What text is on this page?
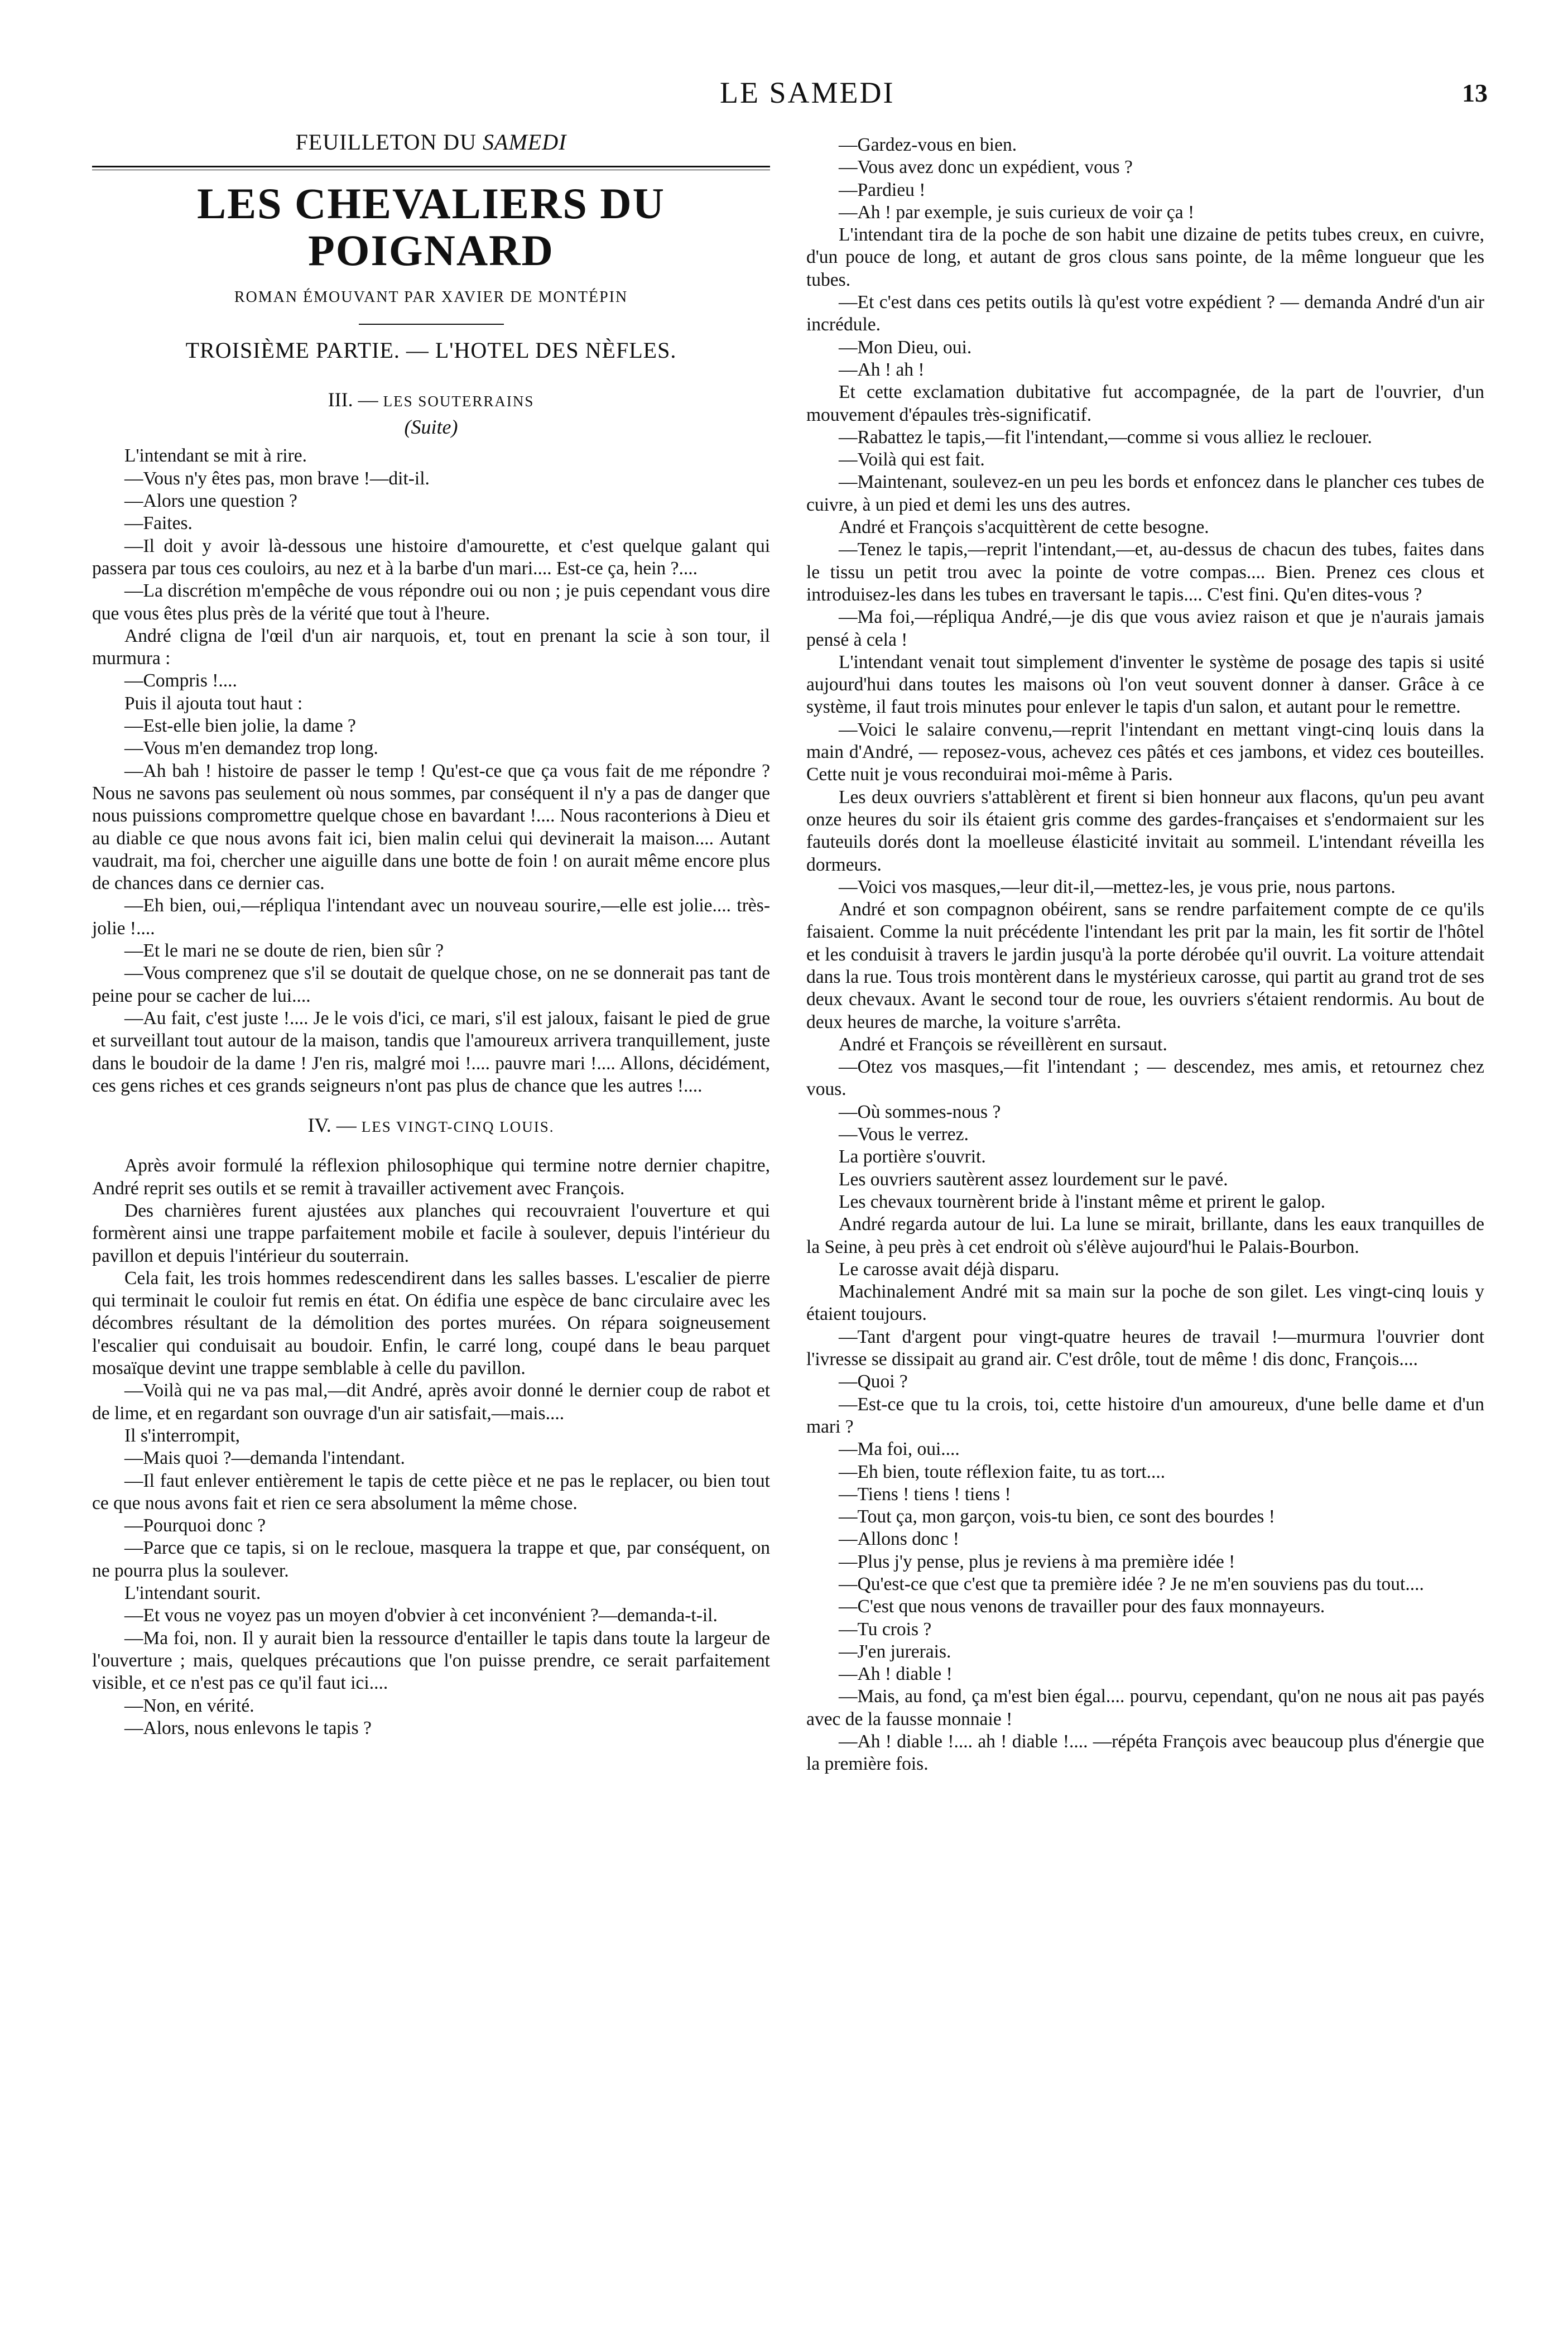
LE SAMEDI	13
FEUILLETON DU SAMEDI
LES CHEVALIERS DU POIGNARD
ROMAN ÉMOUVANT PAR XAVIER DE MONTÉPIN
TROISIÈME PARTIE. — L'HOTEL DES NÈFLES.
III. — LES SOUTERRAINS
(Suite)

L'intendant se mit à rire.

—Vous n'y êtes pas, mon brave !—dit-il.

—Alors une question ?

—Faites.

—Il doit y avoir là-dessous une histoire d'amourette, et c'est quelque galant qui passera par tous ces couloirs, au nez et à la barbe d'un mari.... Est-ce ça, hein ?....

—La discrétion m'empêche de vous répondre oui ou non ; je puis cependant vous dire que vous êtes plus près de la vérité que tout à l'heure.

André cligna de l'œil d'un air narquois, et, tout en prenant la scie à son tour, il murmura :

—Compris !....

Puis il ajouta tout haut :

—Est-elle bien jolie, la dame ?

—Vous m'en demandez trop long.

—Ah bah ! histoire de passer le temp ! Qu'est-ce que ça vous fait de me répondre ? Nous ne savons pas seulement où nous sommes, par conséquent il n'y a pas de danger que nous puissions compromettre quelque chose en bavardant !.... Nous raconterions à Dieu et au diable ce que nous avons fait ici, bien malin celui qui devinerait la maison.... Autant vaudrait, ma foi, chercher une aiguille dans une botte de foin ! on aurait même encore plus de chances dans ce dernier cas.

—Eh bien, oui,—répliqua l'intendant avec un nouveau sourire,—elle est jolie.... très-jolie !....

—Et le mari ne se doute de rien, bien sûr ?

—Vous comprenez que s'il se doutait de quelque chose, on ne se donnerait pas tant de peine pour se cacher de lui....

—Au fait, c'est juste !.... Je le vois d'ici, ce mari, s'il est jaloux, faisant le pied de grue et surveillant tout autour de la maison, tandis que l'amoureux arrivera tranquillement, juste dans le boudoir de la dame ! J'en ris, malgré moi !.... pauvre mari !.... Allons, décidément, ces gens riches et ces grands seigneurs n'ont pas plus de chance que les autres !....

IV. — LES VINGT-CINQ LOUIS.

Après avoir formulé la réflexion philosophique qui termine notre dernier chapitre, André reprit ses outils et se remit à travailler activement avec François.

Des charnières furent ajustées aux planches qui recouvraient l'ouverture et qui formèrent ainsi une trappe parfaitement mobile et facile à soulever, depuis l'intérieur du pavillon et depuis l'intérieur du souterrain.

Cela fait, les trois hommes redescendirent dans les salles basses. L'escalier de pierre qui terminait le couloir fut remis en état. On édifia une espèce de banc circulaire avec les décombres résultant de la démolition des portes murées. On répara soigneusement l'escalier qui conduisait au boudoir. Enfin, le carré long, coupé dans le beau parquet mosaïque devint une trappe semblable à celle du pavillon.

—Voilà qui ne va pas mal,—dit André, après avoir donné le dernier coup de rabot et de lime, et en regardant son ouvrage d'un air satisfait,—mais....

Il s'interrompit,

—Mais quoi ?—demanda l'intendant.

—Il faut enlever entièrement le tapis de cette pièce et ne pas le replacer, ou bien tout ce que nous avons fait et rien ce sera absolument la même chose.

—Pourquoi donc ?

—Parce que ce tapis, si on le recloue, masquera la trappe et que, par conséquent, on ne pourra plus la soulever.

L'intendant sourit.

—Et vous ne voyez pas un moyen d'obvier à cet inconvénient ?—demanda-t-il.

—Ma foi, non. Il y aurait bien la ressource d'entailler le tapis dans toute la largeur de l'ouverture ; mais, quelques précautions que l'on puisse prendre, ce serait parfaitement visible, et ce n'est pas ce qu'il faut ici....

—Non, en vérité.

—Alors, nous enlevons le tapis ?

—Gardez-vous en bien.

—Vous avez donc un expédient, vous ?

—Pardieu !

—Ah ! par exemple, je suis curieux de voir ça !

L'intendant tira de la poche de son habit une dizaine de petits tubes creux, en cuivre, d'un pouce de long, et autant de gros clous sans pointe, de la même longueur que les tubes.

—Et c'est dans ces petits outils là qu'est votre expédient ? — demanda André d'un air incrédule.

—Mon Dieu, oui.

—Ah ! ah !

Et cette exclamation dubitative fut accompagnée, de la part de l'ouvrier, d'un mouvement d'épaules très-significatif.

—Rabattez le tapis,—fit l'intendant,—comme si vous alliez le reclouer.

—Voilà qui est fait.

—Maintenant, soulevez-en un peu les bords et enfoncez dans le plancher ces tubes de cuivre, à un pied et demi les uns des autres.

André et François s'acquittèrent de cette besogne.

—Tenez le tapis,—reprit l'intendant,—et, au-dessus de chacun des tubes, faites dans le tissu un petit trou avec la pointe de votre compas.... Bien. Prenez ces clous et introduisez-les dans les tubes en traversant le tapis.... C'est fini. Qu'en dites-vous ?

—Ma foi,—répliqua André,—je dis que vous aviez raison et que je n'aurais jamais pensé à cela !

L'intendant venait tout simplement d'inventer le système de posage des tapis si usité aujourd'hui dans toutes les maisons où l'on veut souvent donner à danser. Grâce à ce système, il faut trois minutes pour enlever le tapis d'un salon, et autant pour le remettre.

—Voici le salaire convenu,—reprit l'intendant en mettant vingt-cinq louis dans la main d'André, — reposez-vous, achevez ces pâtés et ces jambons, et videz ces bouteilles. Cette nuit je vous reconduirai moi-même à Paris.

Les deux ouvriers s'attablèrent et firent si bien honneur aux flacons, qu'un peu avant onze heures du soir ils étaient gris comme des gardes-françaises et s'endormaient sur les fauteuils dorés dont la moelleuse élasticité invitait au sommeil. L'intendant réveilla les dormeurs.

—Voici vos masques,—leur dit-il,—mettez-les, je vous prie, nous partons.

André et son compagnon obéirent, sans se rendre parfaitement compte de ce qu'ils faisaient. Comme la nuit précédente l'intendant les prit par la main, les fit sortir de l'hôtel et les conduisit à travers le jardin jusqu'à la porte dérobée qu'il ouvrit. La voiture attendait dans la rue. Tous trois montèrent dans le mystérieux carosse, qui partit au grand trot de ses deux chevaux. Avant le second tour de roue, les ouvriers s'étaient rendormis. Au bout de deux heures de marche, la voiture s'arrêta.

André et François se réveillèrent en sursaut.

—Otez vos masques,—fit l'intendant ; — descendez, mes amis, et retournez chez vous.

—Où sommes-nous ?

—Vous le verrez.

La portière s'ouvrit.

Les ouvriers sautèrent assez lourdement sur le pavé.

Les chevaux tournèrent bride à l'instant même et prirent le galop.

André regarda autour de lui. La lune se mirait, brillante, dans les eaux tranquilles de la Seine, à peu près à cet endroit où s'élève aujourd'hui le Palais-Bourbon.

Le carosse avait déjà disparu.

Machinalement André mit sa main sur la poche de son gilet. Les vingt-cinq louis y étaient toujours.

—Tant d'argent pour vingt-quatre heures de travail !—murmura l'ouvrier dont l'ivresse se dissipait au grand air. C'est drôle, tout de même ! dis donc, François....

—Quoi ?

—Est-ce que tu la crois, toi, cette histoire d'un amoureux, d'une belle dame et d'un mari ?

—Ma foi, oui....

—Eh bien, toute réflexion faite, tu as tort....

—Tiens ! tiens ! tiens !

—Tout ça, mon garçon, vois-tu bien, ce sont des bourdes !

—Allons donc !

—Plus j'y pense, plus je reviens à ma première idée !

—Qu'est-ce que c'est que ta première idée ? Je ne m'en souviens pas du tout....

—C'est que nous venons de travailler pour des faux monnayeurs.

—Tu crois ?

—J'en jurerais.

—Ah ! diable !

—Mais, au fond, ça m'est bien égal.... pourvu, cependant, qu'on ne nous ait pas payés avec de la fausse monnaie !

—Ah ! diable !.... ah ! diable !.... —répéta François avec beaucoup plus d'énergie que la première fois.
